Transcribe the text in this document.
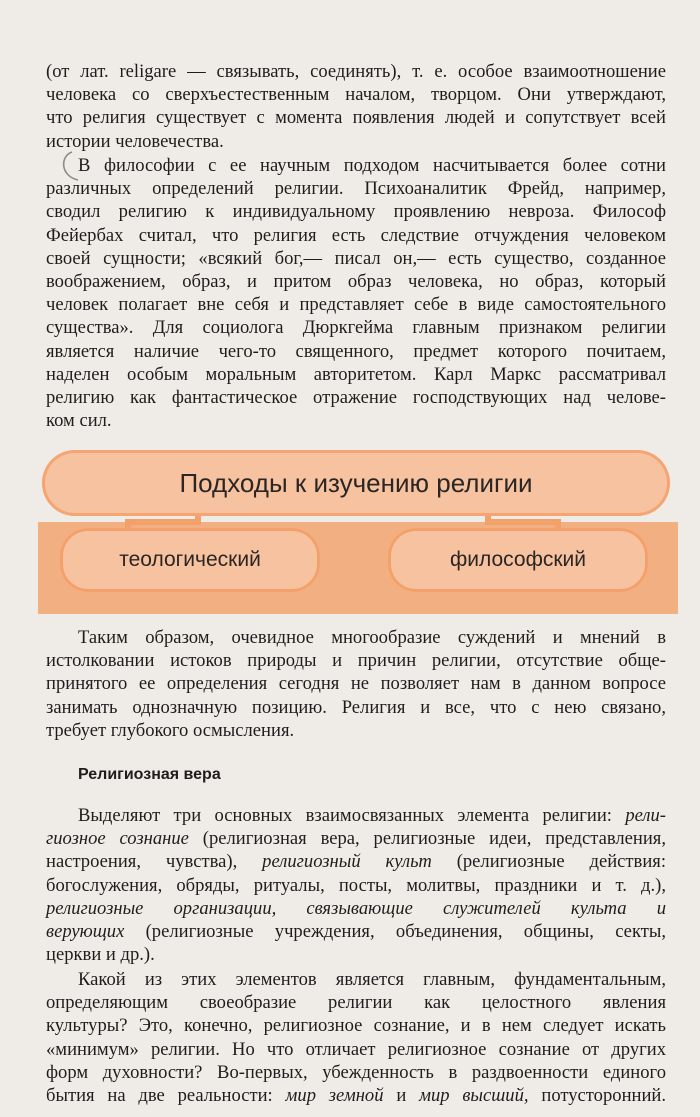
(от лат. religare — связывать, соединять), т. е. особое взаимоотношение
человека со сверхъестественным началом, творцом. Они утверждают,
что религия существует с момента появления людей и сопутствует всей
истории человечества.
В философии с ее научным подходом насчитывается более сотни
различных определений религии. Психоаналитик Фрейд, например,
сводил религию к индивидуальному проявлению невроза. Философ
Фейербах считал, что религия есть следствие отчуждения человеком
своей сущности; «всякий бог,— писал он,— есть существо, созданное
воображением, образ, и притом образ человека, но образ, который
человек полагает вне себя и представляет себе в виде самостоятельного
существа». Для социолога Дюркгейма главным признаком религии
является наличие чего-то священного, предмет которого почитаем,
наделен особым моральным авторитетом. Карл Маркс рассматривал
религию как фантастическое отражение господствующих над челове-
ком сил.
Подходы к изучению религии
теологический	философский
Таким образом, очевидное многообразие суждений и мнений в
истолковании истоков природы и причин религии, отсутствие обще-
принятого ее определения сегодня не позволяет нам в данном вопросе
занимать однозначную позицию. Религия и все, что с нею связано,
требует глубокого осмысления.
Религиозная вера
Выделяют три основных взаимосвязанных элемента религии: рели-
гиозное сознание (религиозная вера, религиозные идеи, представления,
настроения, чувства), религиозный культ (религиозные действия:
богослужения, обряды, ритуалы, посты, молитвы, праздники и т. д.),
религиозные организации, связывающие служителей культа и
верующих (религиозные учреждения, объединения, общины, секты,
церкви и др.).
Какой из этих элементов является главным, фундаментальным,
определяющим своеобразие религии как целостного явления
культуры? Это, конечно, религиозное сознание, и в нем следует искать
«минимум» религии. Но что отличает религиозное сознание от других
форм духовности? Во-первых, убежденность в раздвоенности единого
бытия на две реальности: мир земной и мир высший, потусторонний.
